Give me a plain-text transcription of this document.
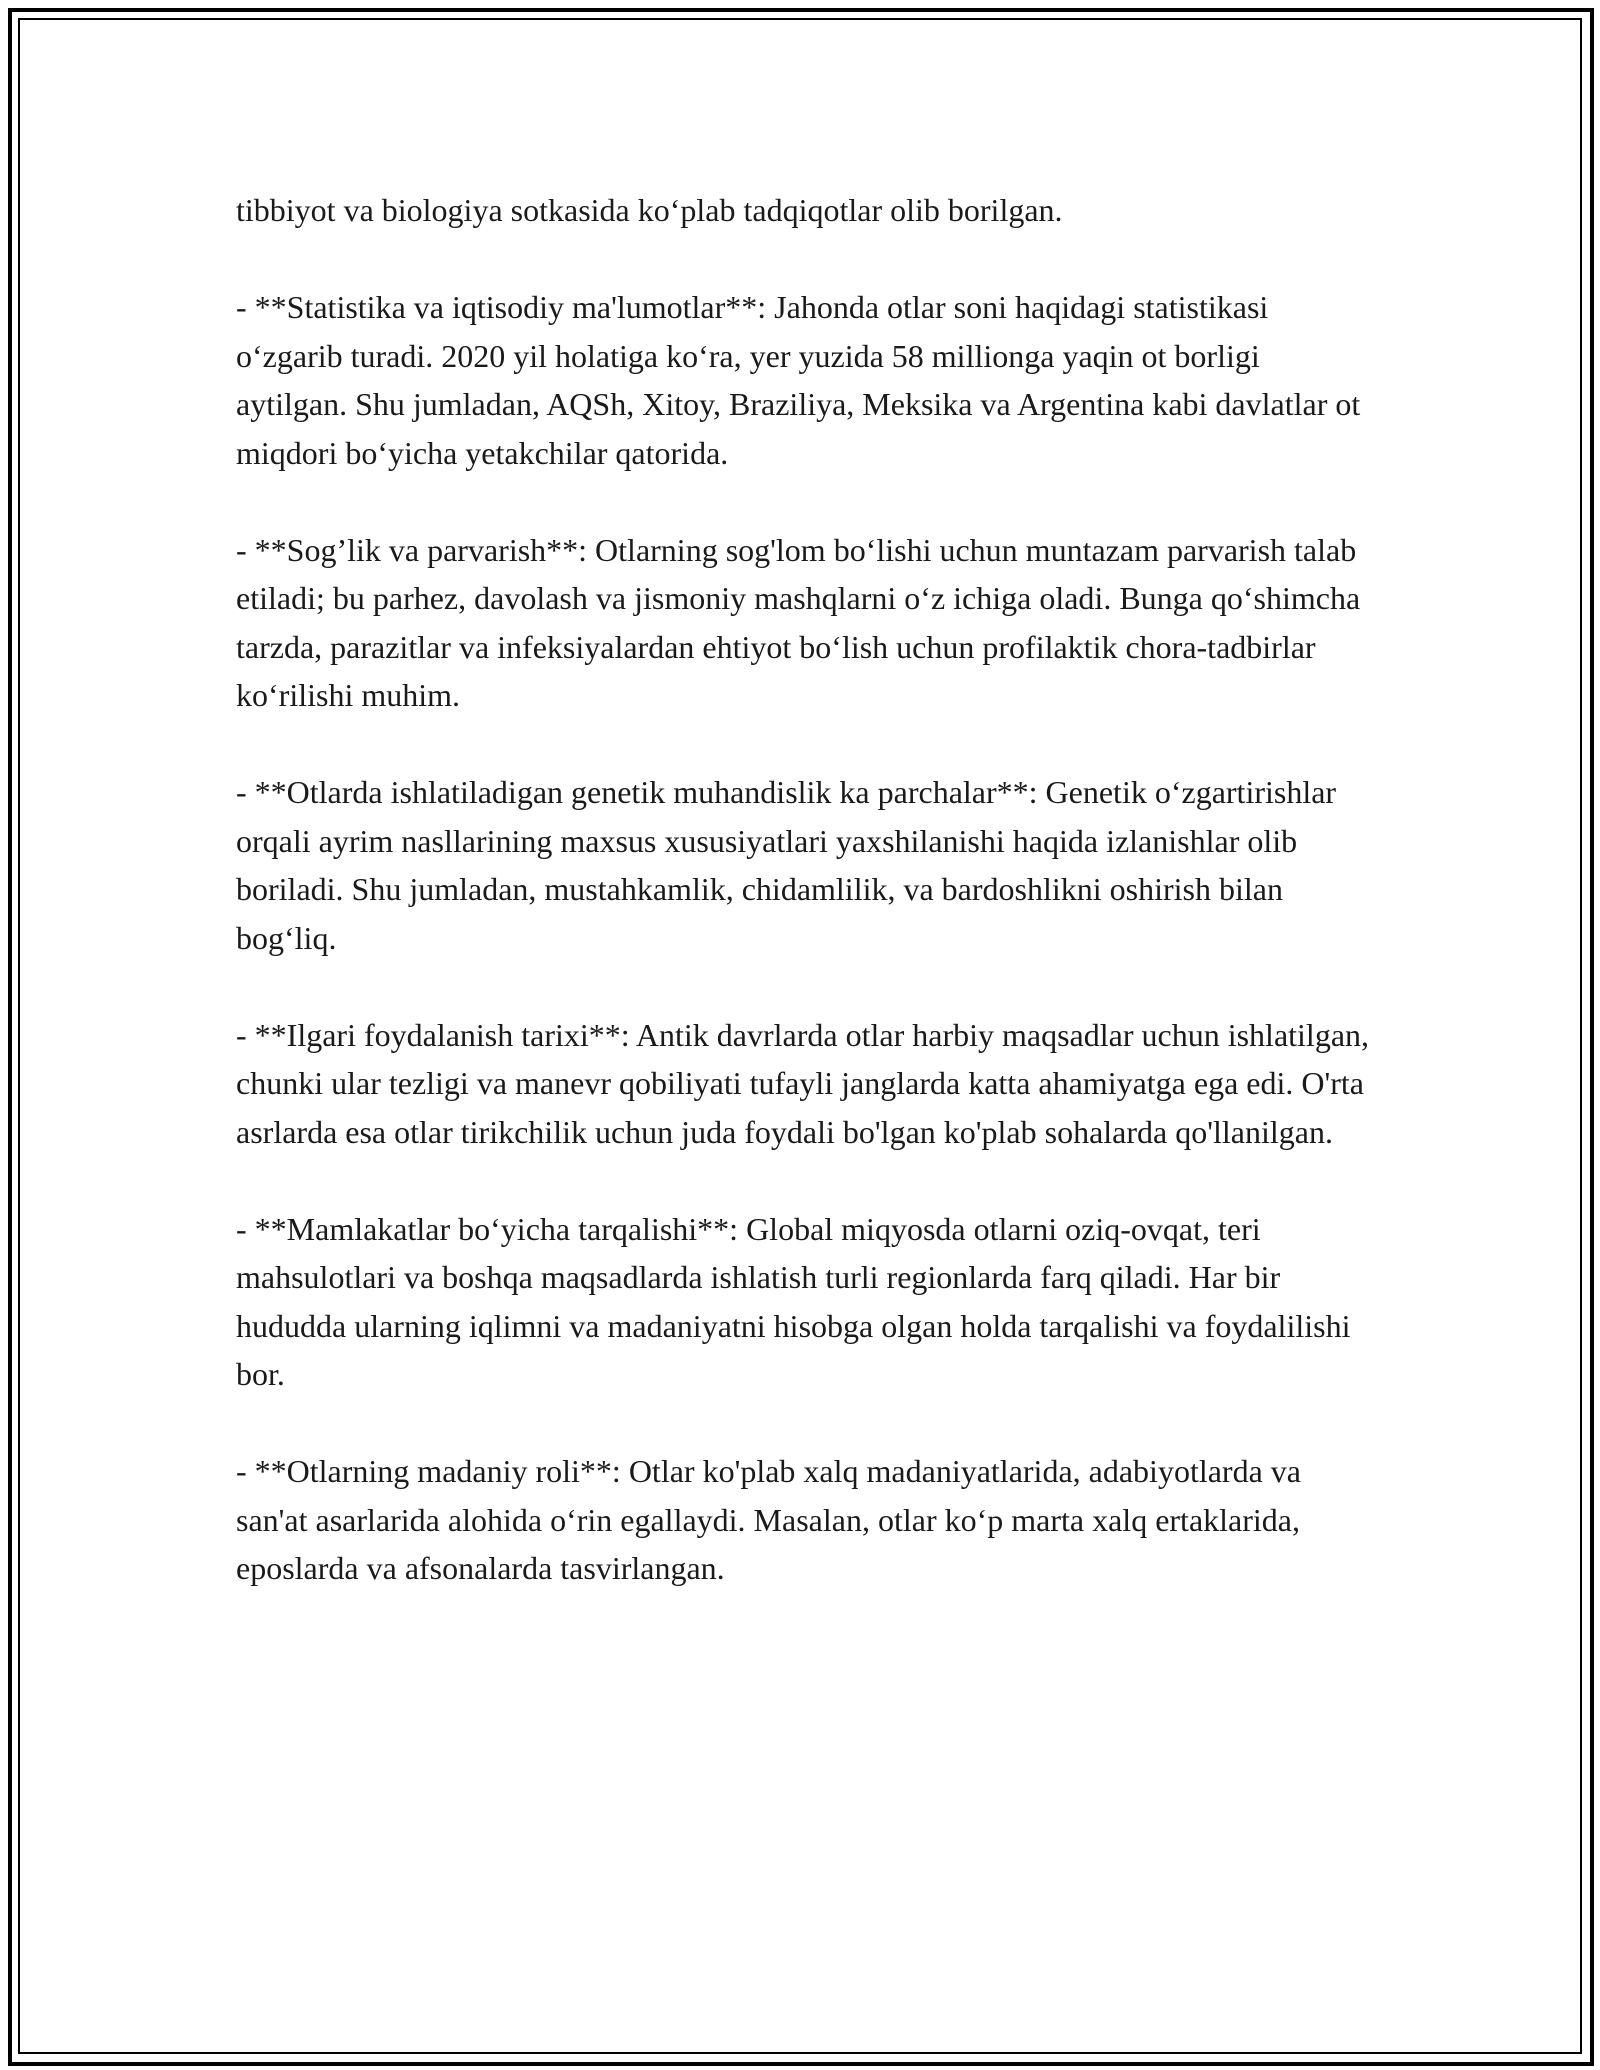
tibbiyot va biologiya sotkasida ko‘plab tadqiqotlar olib borilgan.

- **Statistika va iqtisodiy ma'lumotlar**: Jahonda otlar soni haqidagi statistikasi o‘zgarib turadi. 2020 yil holatiga ko‘ra, yer yuzida 58 millionga yaqin ot borligi aytilgan. Shu jumladan, AQSh, Xitoy, Braziliya, Meksika va Argentina kabi davlatlar ot miqdori bo‘yicha yetakchilar qatorida.

- **Sog’lik va parvarish**: Otlarning sog'lom bo‘lishi uchun muntazam parvarish talab etiladi; bu parhez, davolash va jismoniy mashqlarni o‘z ichiga oladi. Bunga qo‘shimcha tarzda, parazitlar va infeksiyalardan ehtiyot bo‘lish uchun profilaktik chora-tadbirlar ko‘rilishi muhim.

- **Otlarda ishlatiladigan genetik muhandislik ka parchalar**: Genetik o‘zgartirishlar orqali ayrim nasllarining maxsus xususiyatlari yaxshilanishi haqida izlanishlar olib boriladi. Shu jumladan, mustahkamlik, chidamlilik, va bardoshlikni oshirish bilan bog‘liq.

- **Ilgari foydalanish tarixi**: Antik davrlarda otlar harbiy maqsadlar uchun ishlatilgan, chunki ular tezligi va manevr qobiliyati tufayli janglarda katta ahamiyatga ega edi. O'rta asrlarda esa otlar tirikchilik uchun juda foydali bo'lgan ko'plab sohalarda qo'llanilgan.

- **Mamlakatlar bo‘yicha tarqalishi**: Global miqyosda otlarni oziq-ovqat, teri mahsulotlari va boshqa maqsadlarda ishlatish turli regionlarda farq qiladi. Har bir hududda ularning iqlimni va madaniyatni hisobga olgan holda tarqalishi va foydalilishi bor.

- **Otlarning madaniy roli**: Otlar ko'plab xalq madaniyatlarida, adabiyotlarda va san'at asarlarida alohida o‘rin egallaydi. Masalan, otlar ko‘p marta xalq ertaklarida, eposlarda va afsonalarda tasvirlangan.
